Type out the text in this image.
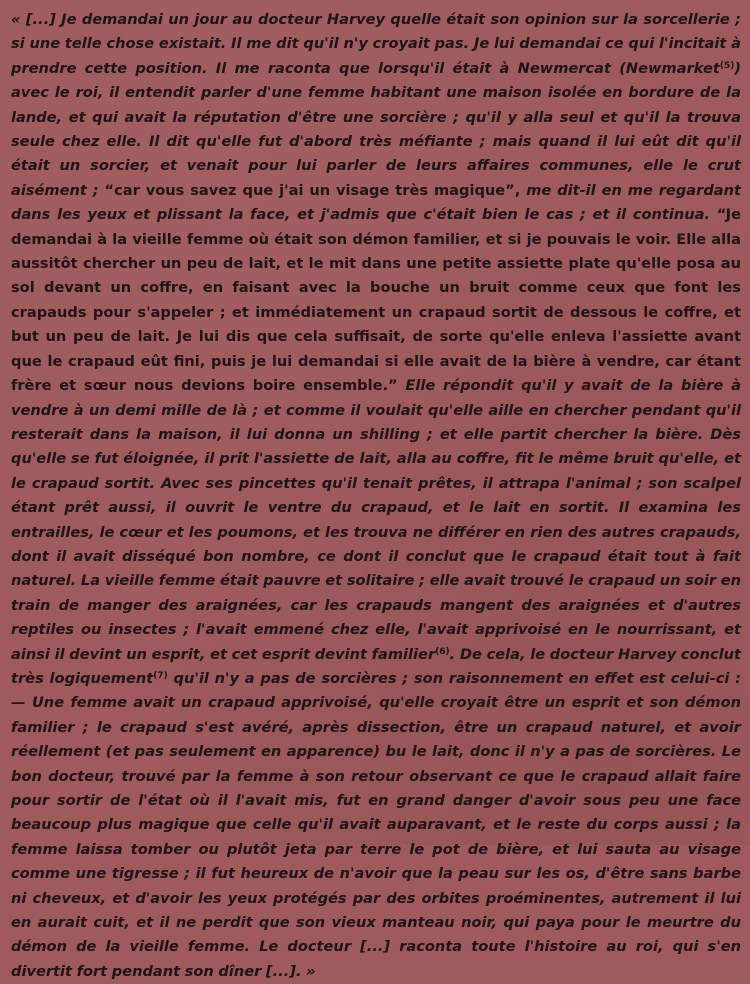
« [...] Je demandai un jour au docteur Harvey quelle était son opinion sur la sorcellerie ; si une telle chose existait. Il me dit qu'il n'y croyait pas. Je lui demandai ce qui l'incitait à prendre cette position. Il me raconta que lorsqu'il était à Newmercat (Newmarket$^{(5)}$) avec le roi, il entendit parler d'une femme habitant une maison isolée en bordure de la lande, et qui avait la réputation d'être une sorcière ; qu'il y alla seul et qu'il la trouva seule chez elle. Il dit qu'elle fut d'abord très méfiante ; mais quand il lui eût dit qu'il était un sorcier, et venait pour lui parler de leurs affaires communes, elle le crut aisément ; “car vous savez que j'ai un visage très magique”, me dit-il en me regardant dans les yeux et plissant la face, et j'admis que c'était bien le cas ; et il continua. “Je demandai à la vieille femme où était son démon familier, et si je pouvais le voir. Elle alla aussitôt chercher un peu de lait, et le mit dans une petite assiette plate qu'elle posa au sol devant un coffre, en faisant avec la bouche un bruit comme ceux que font les crapauds pour s'appeler ; et immédiatement un crapaud sortit de dessous le coffre, et but un peu de lait. Je lui dis que cela suffisait, de sorte qu'elle enleva l'assiette avant que le crapaud eût fini, puis je lui demandai si elle avait de la bière à vendre, car étant frère et sœur nous devions boire ensemble.” Elle répondit qu'il y avait de la bière à vendre à un demi mille de là ; et comme il voulait qu'elle aille en chercher pendant qu'il resterait dans la maison, il lui donna un shilling ; et elle partit chercher la bière. Dès qu'elle se fut éloignée, il prit l'assiette de lait, alla au coffre, fit le même bruit qu'elle, et le crapaud sortit. Avec ses pincettes qu'il tenait prêtes, il attrapa l'animal ; son scalpel étant prêt aussi, il ouvrit le ventre du crapaud, et le lait en sortit. Il examina les entrailles, le cœur et les poumons, et les trouva ne différer en rien des autres crapauds, dont il avait disséqué bon nombre, ce dont il conclut que le crapaud était tout à fait naturel. La vieille femme était pauvre et solitaire ; elle avait trouvé le crapaud un soir en train de manger des araignées, car les crapauds mangent des araignées et d'autres reptiles ou insectes ; l'avait emmené chez elle, l'avait apprivoisé en le nourrissant, et ainsi il devint un esprit, et cet esprit devint familier$^{(6)}$. De cela, le docteur Harvey conclut très logiquement$^{(7)}$ qu'il n'y a pas de sorcières ; son raisonnement en effet est celui-ci : — Une femme avait un crapaud apprivoisé, qu'elle croyait être un esprit et son démon familier ; le crapaud s'est avéré, après dissection, être un crapaud naturel, et avoir réellement (et pas seulement en apparence) bu le lait, donc il n'y a pas de sorcières. Le bon docteur, trouvé par la femme à son retour observant ce que le crapaud allait faire pour sortir de l'état où il l'avait mis, fut en grand danger d'avoir sous peu une face beaucoup plus magique que celle qu'il avait auparavant, et le reste du corps aussi ; la femme laissa tomber ou plutôt jeta par terre le pot de bière, et lui sauta au visage comme une tigresse ; il fut heureux de n'avoir que la peau sur les os, d'être sans barbe ni cheveux, et d'avoir les yeux protégés par des orbites proéminentes, autrement il lui en aurait cuit, et il ne perdit que son vieux manteau noir, qui paya pour le meurtre du démon de la vieille femme. Le docteur [...] raconta toute l'histoire au roi, qui s'en divertit fort pendant son dîner [...]. »
